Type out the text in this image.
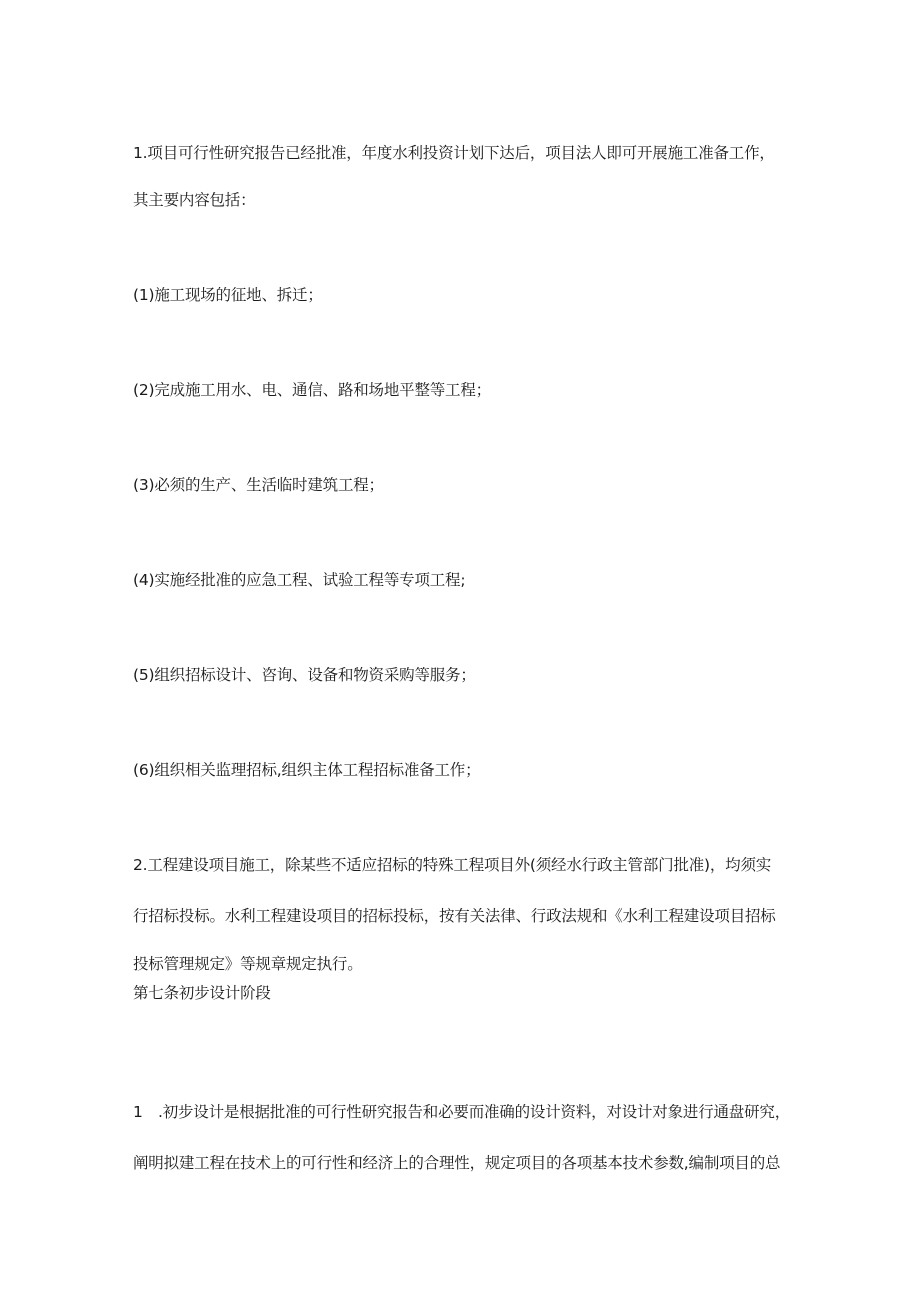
1.项目可行性研究报告已经批准，年度水利投资计划下达后，项目法人即可开展施工准备工作，

其主要内容包括：

(1)施工现场的征地、拆迁；

(2)完成施工用水、电、通信、路和场地平整等工程；

(3)必须的生产、生活临时建筑工程；

(4)实施经批准的应急工程、试验工程等专项工程;

(5)组织招标设计、咨询、设备和物资采购等服务；

(6)组织相关监理招标,组织主体工程招标准备工作；

2.工程建设项目施工，除某些不适应招标的特殊工程项目外(须经水行政主管部门批准)，均须实

行招标投标。水利工程建设项目的招标投标，按有关法律、行政法规和《水利工程建设项目招标

投标管理规定》等规章规定执行。

第七条初步设计阶段

1　.初步设计是根据批准的可行性研究报告和必要而准确的设计资料，对设计对象进行通盘研究，

阐明拟建工程在技术上的可行性和经济上的合理性，规定项目的各项基本技术参数,编制项目的总
